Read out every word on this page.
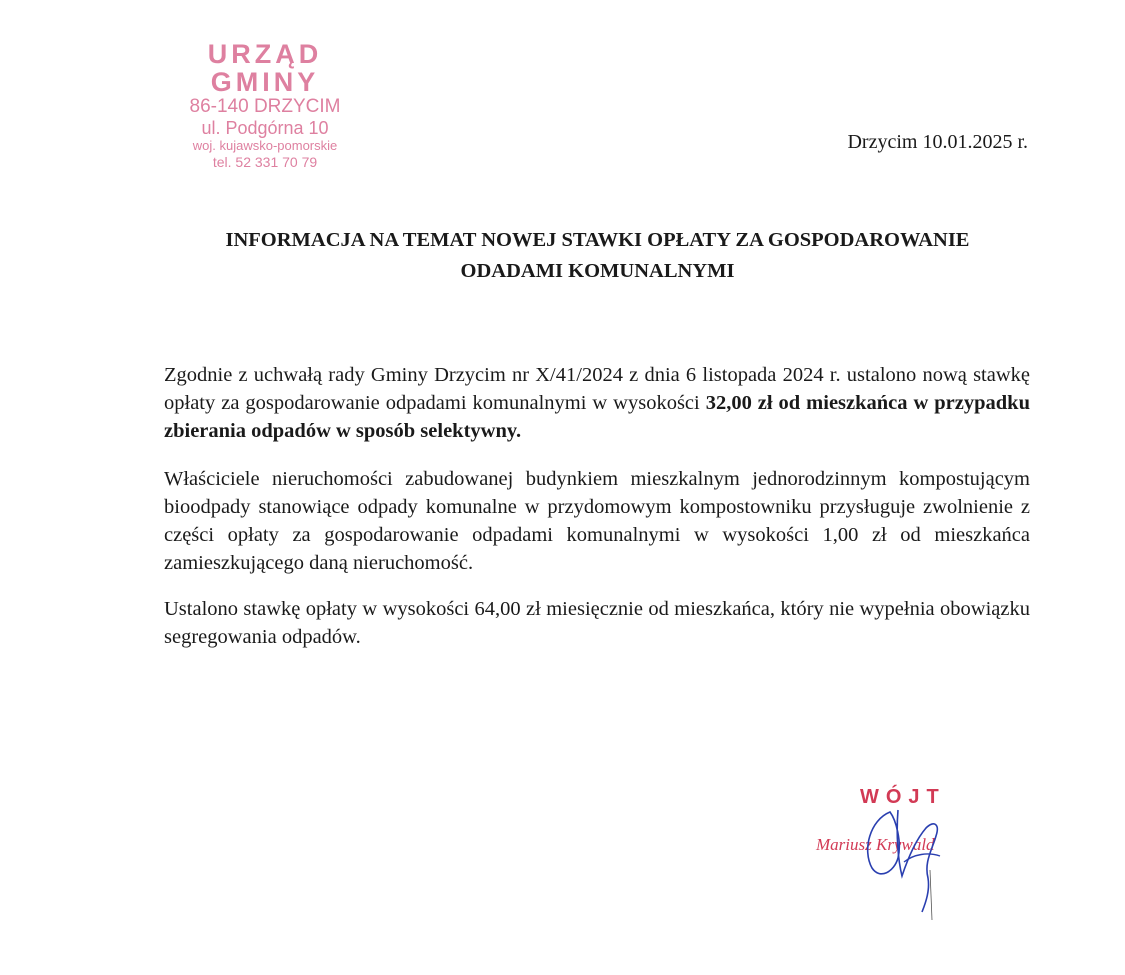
URZĄD GMINY
86-140 DRZYCIM
ul. Podgórna 10
woj. kujawsko-pomorskie
tel. 52 331 70 79
Drzycim 10.01.2025 r.
INFORMACJA NA TEMAT NOWEJ STAWKI OPŁATY ZA GOSPODAROWANIE
ODADAMI KOMUNALNYMI
Zgodnie z uchwałą rady Gminy Drzycim nr X/41/2024 z dnia 6 listopada 2024 r. ustalono nową stawkę opłaty za gospodarowanie odpadami komunalnymi w wysokości 32,00 zł od mieszkańca w przypadku zbierania odpadów w sposób selektywny.
Właściciele nieruchomości zabudowanej budynkiem mieszkalnym jednorodzinnym kompostującym bioodpady stanowiące odpady komunalne w przydomowym kompostowniku przysługuje zwolnienie z części opłaty za gospodarowanie odpadami komunalnymi w wysokości 1,00 zł od mieszkańca zamieszkującego daną nieruchomość.
Ustalono stawkę opłaty w wysokości 64,00 zł miesięcznie od mieszkańca, który nie wypełnia obowiązku segregowania odpadów.
WÓJT
Mariusz Krywald
